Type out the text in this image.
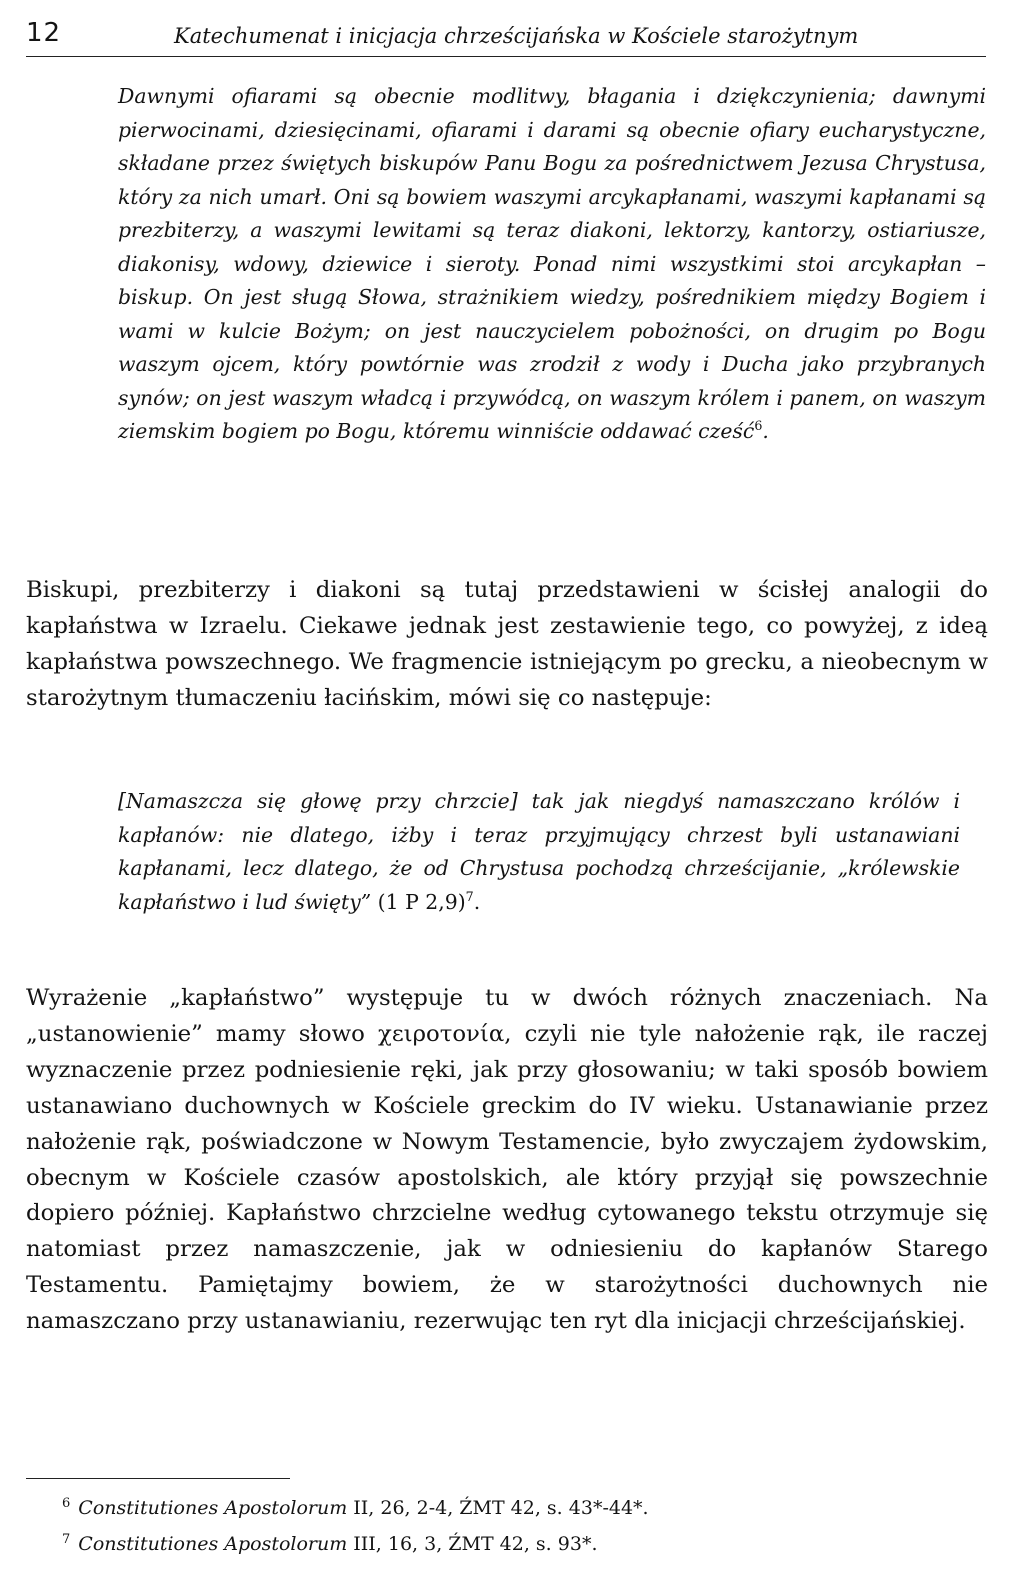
12	Katechumenat i inicjacja chrześcijańska w Kościele starożytnym

Dawnymi ofiarami są obecnie modlitwy, błagania i dziękczynienia; dawnymi pierwocinami, dziesięcinami, ofiarami i darami są obecnie ofiary eucharystyczne, składane przez świętych biskupów Panu Bogu za pośrednictwem Jezusa Chrystusa, który za nich umarł. Oni są bowiem waszymi arcykapłanami, waszymi kapłanami są prezbiterzy, a waszymi lewitami są teraz diakoni, lektorzy, kantorzy, ostiariusze, diakonisy, wdowy, dziewice i sieroty. Ponad nimi wszystkimi stoi arcykapłan – biskup. On jest sługą Słowa, strażnikiem wiedzy, pośrednikiem między Bogiem i wami w kulcie Bożym; on jest nauczycielem pobożności, on drugim po Bogu waszym ojcem, który powtórnie was zrodził z wody i Ducha jako przybranych synów; on jest waszym władcą i przywódcą, on waszym królem i panem, on waszym ziemskim bogiem po Bogu, któremu winniście oddawać cześć$^6$.

Biskupi, prezbiterzy i diakoni są tutaj przedstawieni w ścisłej analogii do kapłaństwa w Izraelu. Ciekawe jednak jest zestawienie tego, co powyżej, z ideą kapłaństwa powszechnego. We fragmencie istniejącym po grecku, a nieobecnym w starożytnym tłumaczeniu łacińskim, mówi się co następuje:

[Namaszcza się głowę przy chrzcie] tak jak niegdyś namaszczano królów i kapłanów: nie dlatego, iżby i teraz przyjmujący chrzest byli ustanawiani kapłanami, lecz dlatego, że od Chrystusa pochodzą chrześcijanie, „królewskie kapłaństwo i lud święty” (1 P 2,9)$^7$.

Wyrażenie „kapłaństwo” występuje tu w dwóch różnych znaczeniach. Na „ustanowienie” mamy słowo χειροτονία, czyli nie tyle nałożenie rąk, ile raczej wyznaczenie przez podniesienie ręki, jak przy głosowaniu; w taki sposób bowiem ustanawiano duchownych w Kościele greckim do IV wieku. Ustanawianie przez nałożenie rąk, poświadczone w Nowym Testamencie, było zwyczajem żydowskim, obecnym w Kościele czasów apostolskich, ale który przyjął się powszechnie dopiero później. Kapłaństwo chrzcielne według cytowanego tekstu otrzymuje się natomiast przez namaszczenie, jak w odniesieniu do kapłanów Starego Testamentu. Pamiętajmy bowiem, że w starożytności duchownych nie namaszczano przy ustanawianiu, rezerwując ten ryt dla inicjacji chrześcijańskiej.

$^6$ Constitutiones Apostolorum II, 26, 2-4, ŹMT 42, s. 43*-44*.
$^7$ Constitutiones Apostolorum III, 16, 3, ŹMT 42, s. 93*.
